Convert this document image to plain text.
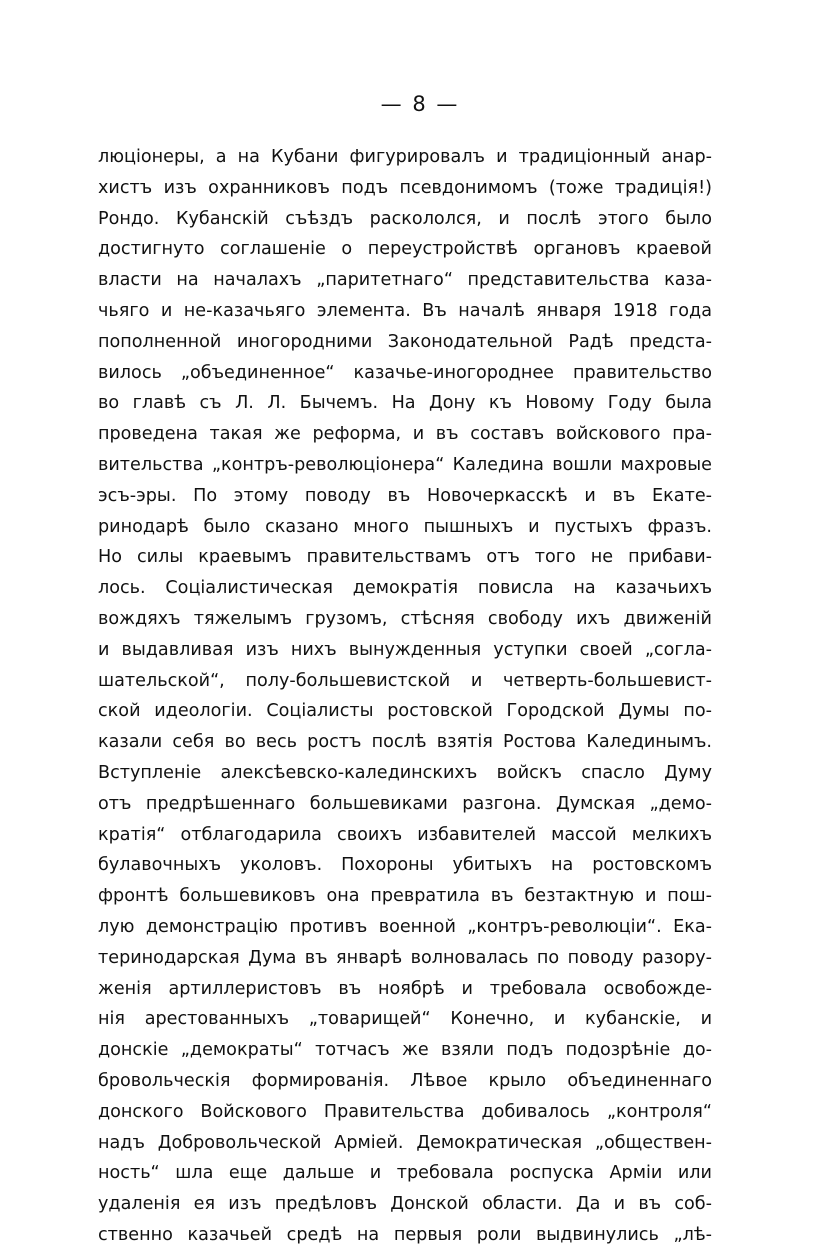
— 8 —
люціонеры, а на Кубани фигурировалъ и традиціонный анар-
хистъ изъ охранниковъ подъ псевдонимомъ (тоже традиція!)
Рондо. Кубанскій съѣздъ раскололся, и послѣ этого было
достигнуто соглашеніе о переустройствѣ органовъ краевой
власти на началахъ „паритетнаго“ представительства каза-
чьяго и не-казачьяго элемента. Въ началѣ января 1918 года
пополненной иногородними Законодательной Радѣ предста-
вилось „объединенное“ казачье-иногороднее правительство
во главѣ съ Л. Л. Бычемъ. На Дону къ Новому Году была
проведена такая же реформа, и въ составъ войскового пра-
вительства „контръ-революціонера“ Каледина вошли махровые
эсъ-эры. По этому поводу въ Новочеркасскѣ и въ Екате-
ринодарѣ было сказано много пышныхъ и пустыхъ фразъ.
Но силы краевымъ правительствамъ отъ того не прибави-
лось. Соціалистическая демократія повисла на казачьихъ
вождяхъ тяжелымъ грузомъ, стѣсняя свободу ихъ движеній
и выдавливая изъ нихъ вынужденныя уступки своей „согла-
шательской“, полу-большевистской и четверть-большевист-
ской идеологіи. Соціалисты ростовской Городской Думы по-
казали себя во весь ростъ послѣ взятія Ростова Калединымъ.
Вступленіе алексѣевско-калединскихъ войскъ спасло Думу
отъ предрѣшеннаго большевиками разгона. Думская „демо-
кратія“ отблагодарила своихъ избавителей массой мелкихъ
булавочныхъ уколовъ. Похороны убитыхъ на ростовскомъ
фронтѣ большевиковъ она превратила въ безтактную и пош-
лую демонстрацію противъ военной „контръ-революціи“. Ека-
теринодарская Дума въ январѣ волновалась по поводу разору-
женія артиллеристовъ въ ноябрѣ и требовала освобожде-
нія арестованныхъ „товарищей“ Конечно, и кубанскіе, и
донскіе „демократы“ тотчасъ же взяли подъ подозрѣніе до-
бровольческія формированія. Лѣвое крыло объединеннаго
донского Войскового Правительства добивалось „контроля“
надъ Добровольческой Арміей. Демократическая „обществен-
ность“ шла еще дальше и требовала роспуска Арміи или
удаленія ея изъ предѣловъ Донской области. Да и въ соб-
ственно казачьей средѣ на первыя роли выдвинулись „лѣ-
